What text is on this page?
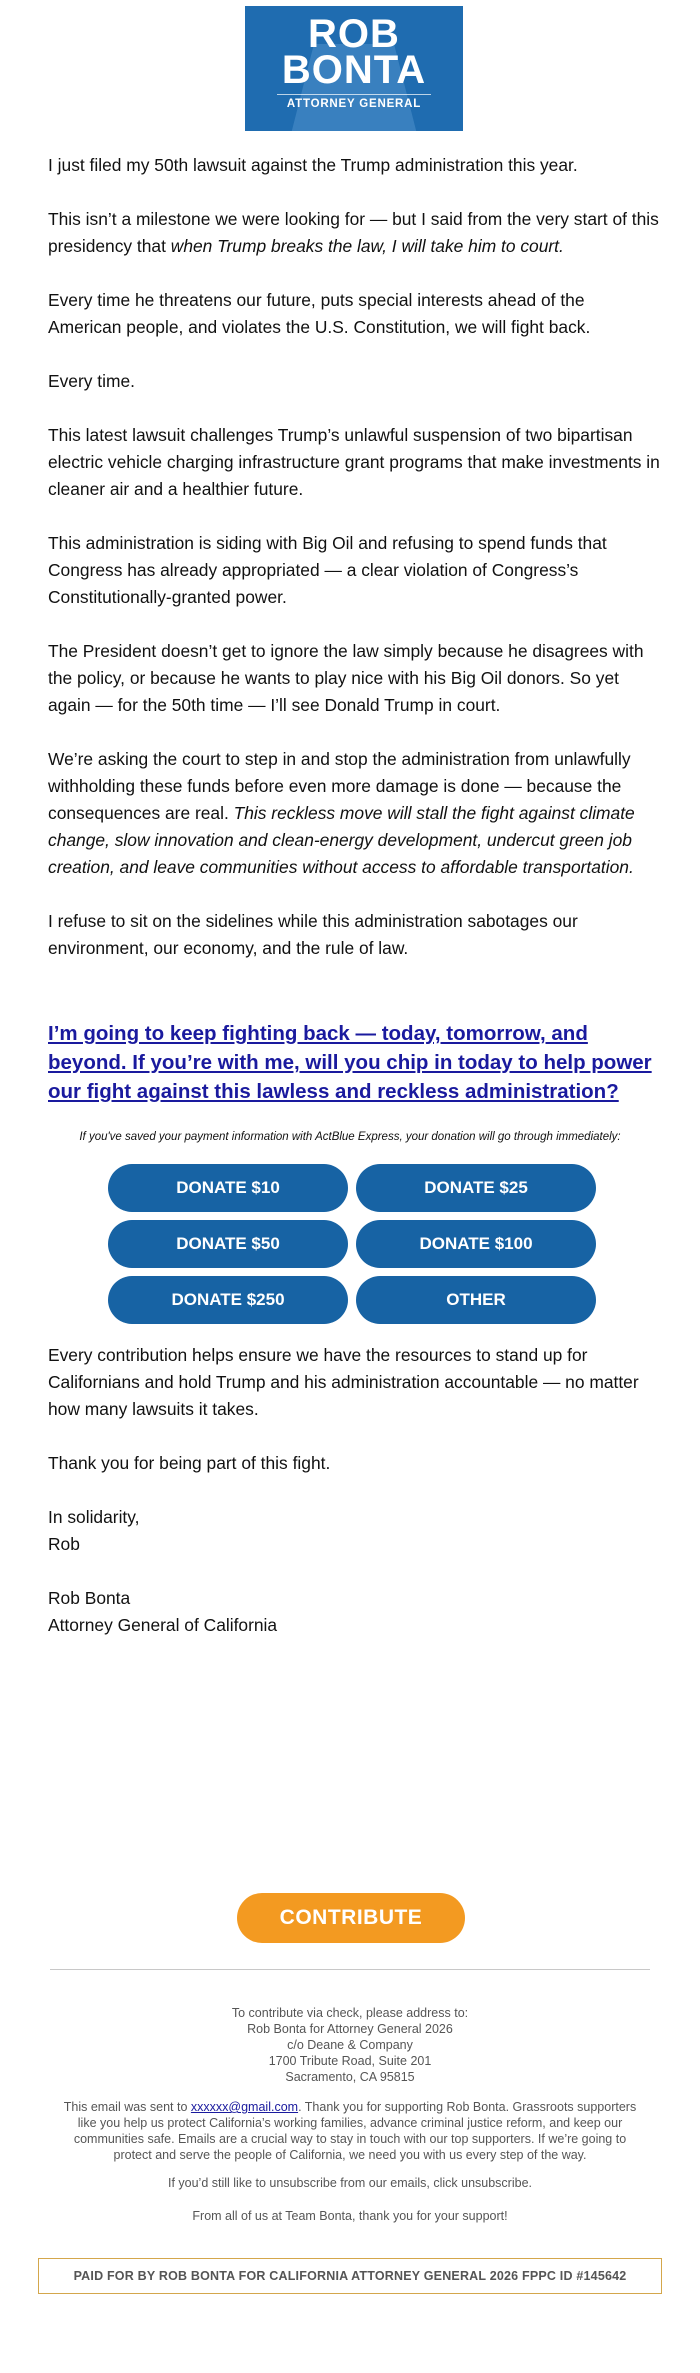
ROB
BONTA
ATTORNEY GENERAL

I just filed my 50th lawsuit against the Trump administration this year.

This isn’t a milestone we were looking for — but I said from the very start of this presidency that when Trump breaks the law, I will take him to court.

Every time he threatens our future, puts special interests ahead of the American people, and violates the U.S. Constitution, we will fight back.

Every time.

This latest lawsuit challenges Trump’s unlawful suspension of two bipartisan electric vehicle charging infrastructure grant programs that make investments in cleaner air and a healthier future.

This administration is siding with Big Oil and refusing to spend funds that Congress has already appropriated — a clear violation of Congress’s Constitutionally-granted power.

The President doesn’t get to ignore the law simply because he disagrees with the policy, or because he wants to play nice with his Big Oil donors. So yet again — for the 50th time — I’ll see Donald Trump in court.

We’re asking the court to step in and stop the administration from unlawfully withholding these funds before even more damage is done — because the consequences are real. This reckless move will stall the fight against climate change, slow innovation and clean-energy development, undercut green job creation, and leave communities without access to affordable transportation.

I refuse to sit on the sidelines while this administration sabotages our environment, our economy, and the rule of law.

I’m going to keep fighting back — today, tomorrow, and beyond. If you’re with me, will you chip in today to help power our fight against this lawless and reckless administration?
If you've saved your payment information with ActBlue Express, your donation will go through immediately:
DONATE $10	DONATE $25
DONATE $50	DONATE $100
DONATE $250	OTHER

Every contribution helps ensure we have the resources to stand up for Californians and hold Trump and his administration accountable — no matter how many lawsuits it takes.

Thank you for being part of this fight.

In solidarity,
Rob

Rob Bonta
Attorney General of California

CONTRIBUTE
To contribute via check, please address to:
Rob Bonta for Attorney General 2026
c/o Deane & Company
1700 Tribute Road, Suite 201
Sacramento, CA 95815
This email was sent to xxxxxx@gmail.com. Thank you for supporting Rob Bonta. Grassroots supporters like you help us protect California’s working families, advance criminal justice reform, and keep our communities safe. Emails are a crucial way to stay in touch with our top supporters. If we’re going to protect and serve the people of California, we need you with us every step of the way.
If you’d still like to unsubscribe from our emails, click unsubscribe.
From all of us at Team Bonta, thank you for your support!
PAID FOR BY ROB BONTA FOR CALIFORNIA ATTORNEY GENERAL 2026 FPPC ID #145642
